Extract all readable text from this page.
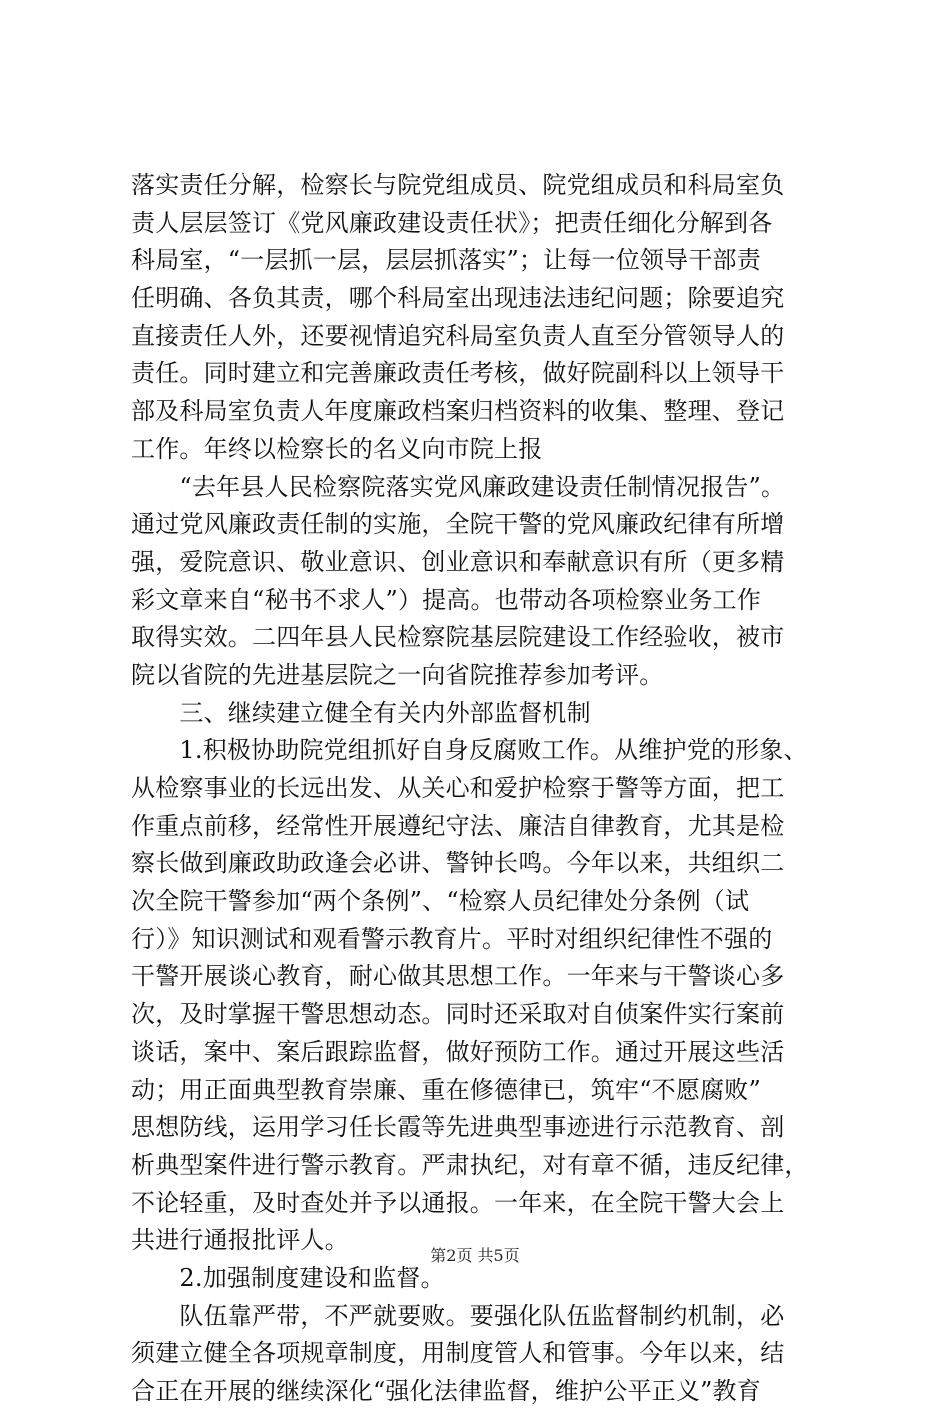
落实责任分解，检察长与院党组成员、院党组成员和科局室负
责人层层签订《党风廉政建设责任状》；把责任细化分解到各
科局室，“一层抓一层，层层抓落实”；让每一位领导干部责
任明确、各负其责，哪个科局室出现违法违纪问题；除要追究
直接责任人外，还要视情追究科局室负责人直至分管领导人的
责任。同时建立和完善廉政责任考核，做好院副科以上领导干
部及科局室负责人年度廉政档案归档资料的收集、整理、登记
工作。年终以检察长的名义向市院上报
　　“去年县人民检察院落实党风廉政建设责任制情况报告”。
通过党风廉政责任制的实施，全院干警的党风廉政纪律有所增
强，爱院意识、敬业意识、创业意识和奉献意识有所（更多精
彩文章来自“秘书不求人”）提高。也带动各项检察业务工作
取得实效。二四年县人民检察院基层院建设工作经验收，被市
院以省院的先进基层院之一向省院推荐参加考评。
　　三、继续建立健全有关内外部监督机制
　　1.积极协助院党组抓好自身反腐败工作。从维护党的形象、
从检察事业的长远出发、从关心和爱护检察于警等方面，把工
作重点前移，经常性开展遵纪守法、廉洁自律教育，尤其是检
察长做到廉政助政逢会必讲、警钟长鸣。今年以来，共组织二
次全院干警参加“两个条例”、“检察人员纪律处分条例（试
行）》知识测试和观看警示教育片。平时对组织纪律性不强的
干警开展谈心教育，耐心做其思想工作。一年来与干警谈心多
次，及时掌握干警思想动态。同时还采取对自侦案件实行案前
谈话，案中、案后跟踪监督，做好预防工作。通过开展这些活
动；用正面典型教育崇廉、重在修德律已，筑牢“不愿腐败”
思想防线，运用学习任长霞等先进典型事迹进行示范教育、剖
析典型案件进行警示教育。严肃执纪，对有章不循，违反纪律，
不论轻重，及时查处并予以通报。一年来，在全院干警大会上
共进行通报批评人。
　　2.加强制度建设和监督。
　　队伍靠严带，不严就要败。要强化队伍监督制约机制，必
须建立健全各项规章制度，用制度管人和管事。今年以来，结
合正在开展的继续深化“强化法律监督，维护公平正义”教育
第2页 共5页
